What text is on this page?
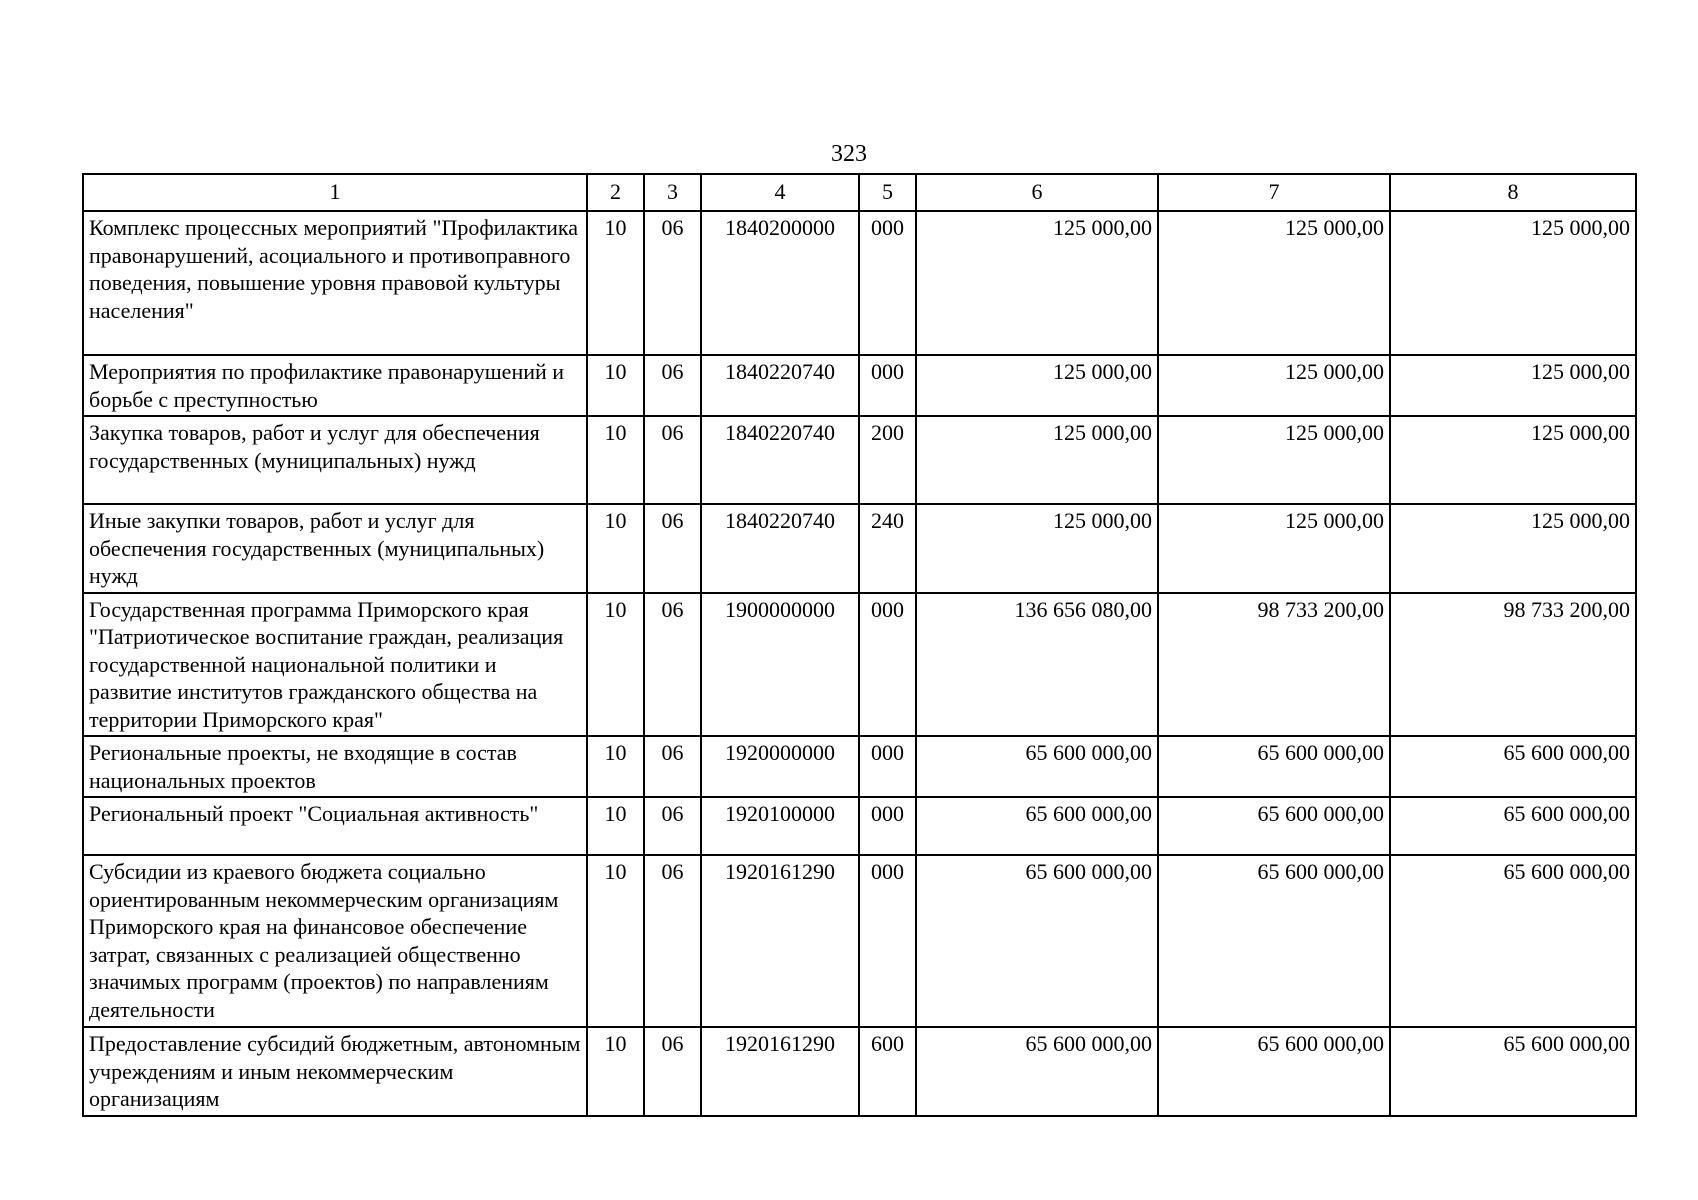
323
1	2	3	4	5	6	7	8
Комплекс процессных мероприятий "Профилактика правонарушений, асоциального и противоправного поведения, повышение уровня правовой культуры населения"	10	06	1840200000	000	125 000,00	125 000,00	125 000,00
Мероприятия по профилактике правонарушений и борьбе с преступностью	10	06	1840220740	000	125 000,00	125 000,00	125 000,00
Закупка товаров, работ и услуг для обеспечения государственных (муниципальных) нужд	10	06	1840220740	200	125 000,00	125 000,00	125 000,00
Иные закупки товаров, работ и услуг для обеспечения государственных (муниципальных) нужд	10	06	1840220740	240	125 000,00	125 000,00	125 000,00
Государственная программа Приморского края "Патриотическое воспитание граждан, реализация государственной национальной политики и развитие институтов гражданского общества на территории Приморского края"	10	06	1900000000	000	136 656 080,00	98 733 200,00	98 733 200,00
Региональные проекты, не входящие в состав национальных проектов	10	06	1920000000	000	65 600 000,00	65 600 000,00	65 600 000,00
Региональный проект "Социальная активность"	10	06	1920100000	000	65 600 000,00	65 600 000,00	65 600 000,00
Субсидии из краевого бюджета социально ориентированным некоммерческим организациям Приморского края на финансовое обеспечение затрат, связанных с реализацией общественно значимых программ (проектов) по направлениям деятельности	10	06	1920161290	000	65 600 000,00	65 600 000,00	65 600 000,00
Предоставление субсидий бюджетным, автономным учреждениям и иным некоммерческим организациям	10	06	1920161290	600	65 600 000,00	65 600 000,00	65 600 000,00
